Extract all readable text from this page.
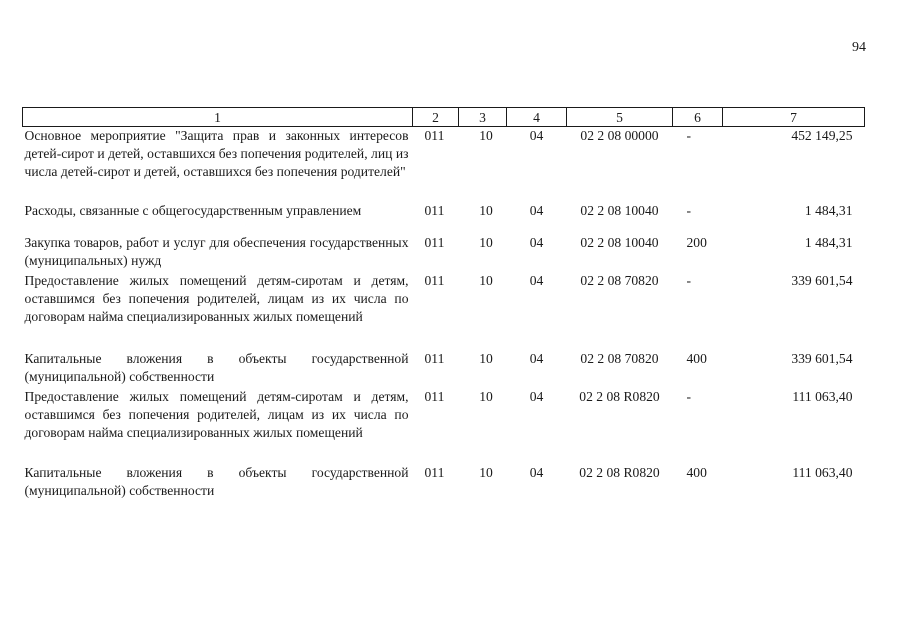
94
1	2	3	4	5	6	7
Основное мероприятие "Защита прав и законных интересов детей-сирот и детей, оставшихся без попечения родителей, лиц из числа детей-сирот и детей, оставшихся без попечения родителей"	011	10	04	02 2 08 00000	-	452 149,25
Расходы, связанные с общегосударственным управлением	011	10	04	02 2 08 10040	-	1 484,31
Закупка товаров, работ и услуг для обеспечения государственных (муниципальных) нужд	011	10	04	02 2 08 10040	200	1 484,31
Предоставление жилых помещений детям-сиротам и детям, оставшимся без попечения родителей, лицам из их числа по договорам найма специализированных жилых помещений	011	10	04	02 2 08 70820	-	339 601,54
Капитальные вложения в объекты государственной (муниципальной) собственности	011	10	04	02 2 08 70820	400	339 601,54
Предоставление жилых помещений детям-сиротам и детям, оставшимся без попечения родителей, лицам из их числа по договорам найма специализированных жилых помещений	011	10	04	02 2 08 R0820	-	111 063,40
Капитальные вложения в объекты государственной (муниципальной) собственности	011	10	04	02 2 08 R0820	400	111 063,40
